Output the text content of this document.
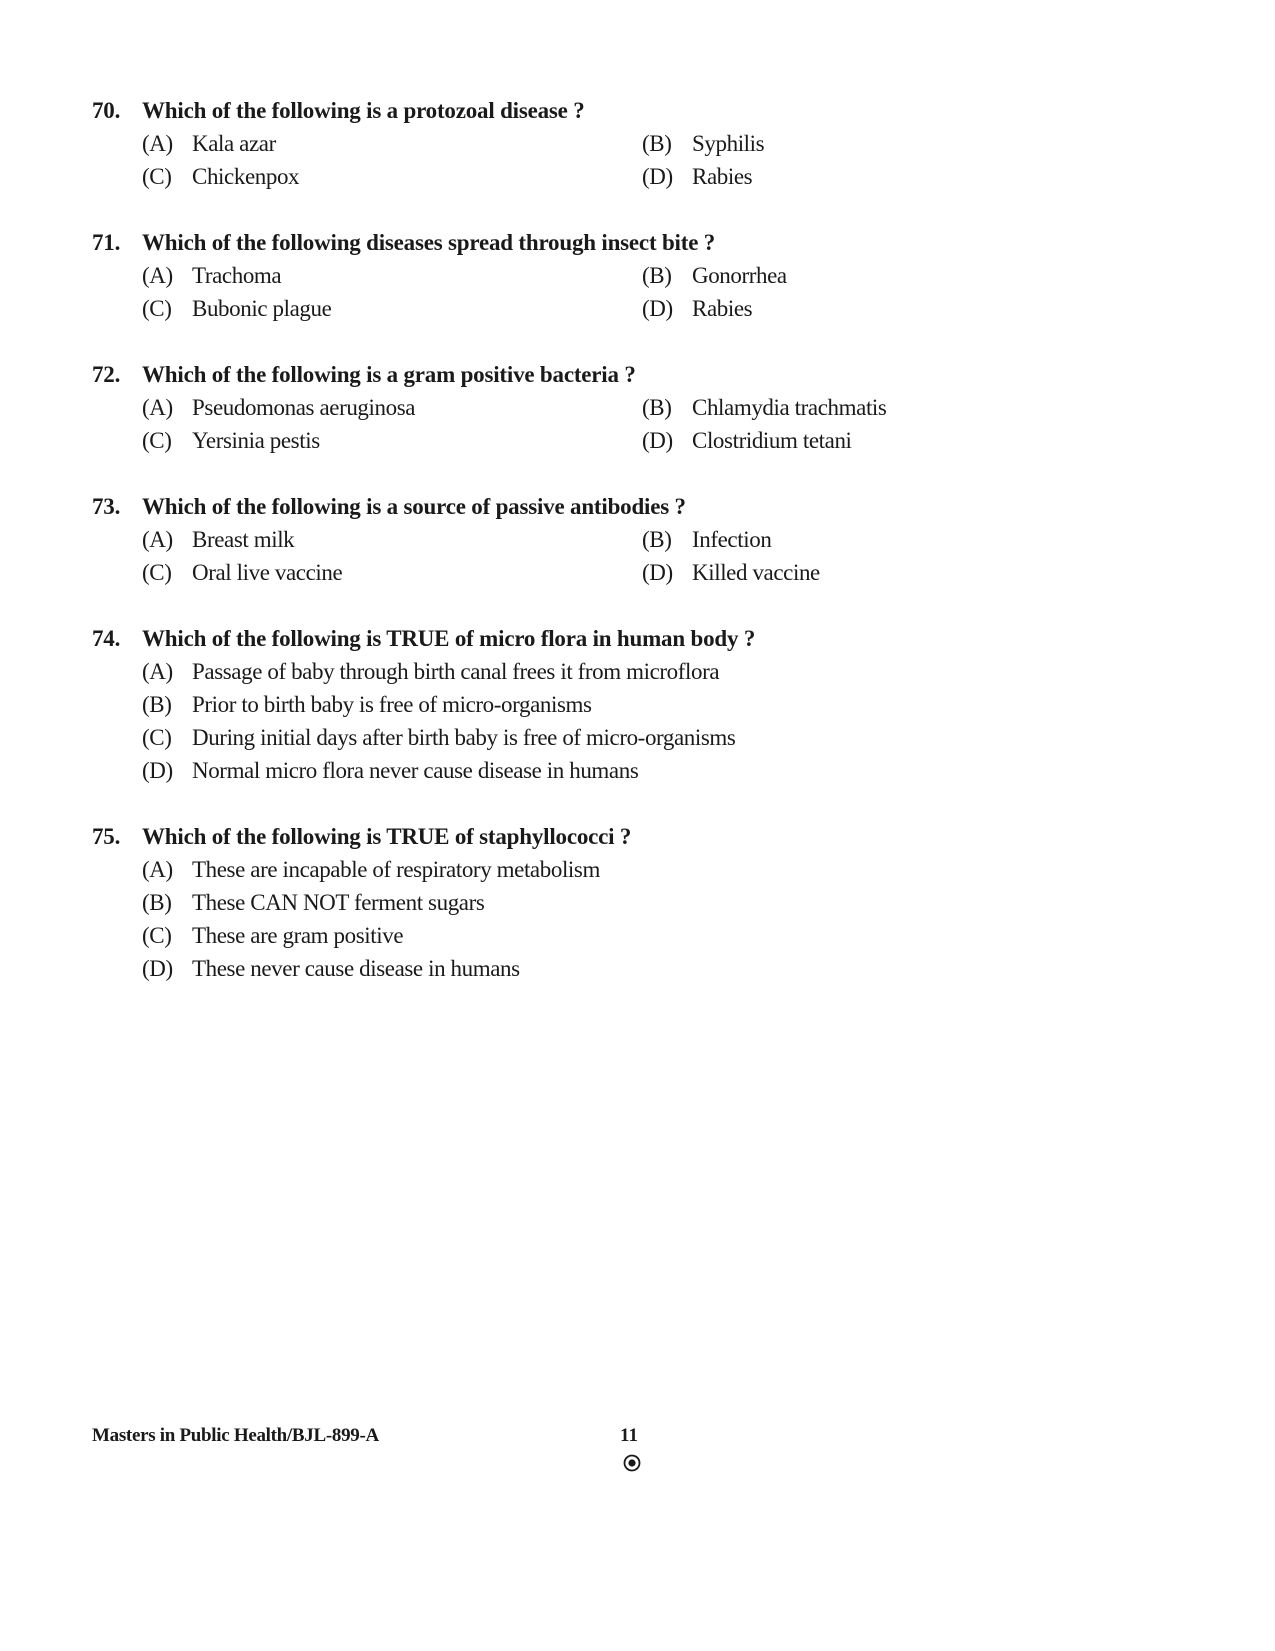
70. Which of the following is a protozoal disease ?
(A) Kala azar	(B) Syphilis
(C) Chickenpox	(D) Rabies
71. Which of the following diseases spread through insect bite ?
(A) Trachoma	(B) Gonorrhea
(C) Bubonic plague	(D) Rabies
72. Which of the following is a gram positive bacteria ?
(A) Pseudomonas aeruginosa	(B) Chlamydia trachmatis
(C) Yersinia pestis	(D) Clostridium tetani
73. Which of the following is a source of passive antibodies ?
(A) Breast milk	(B) Infection
(C) Oral live vaccine	(D) Killed vaccine
74. Which of the following is TRUE of micro flora in human body ?
(A) Passage of baby through birth canal frees it from microflora
(B) Prior to birth baby is free of micro-organisms
(C) During initial days after birth baby is free of micro-organisms
(D) Normal micro flora never cause disease in humans
75. Which of the following is TRUE of staphyllococci ?
(A) These are incapable of respiratory metabolism
(B) These CAN NOT ferment sugars
(C) These are gram positive
(D) These never cause disease in humans
Masters in Public Health/BJL-899-A	11
